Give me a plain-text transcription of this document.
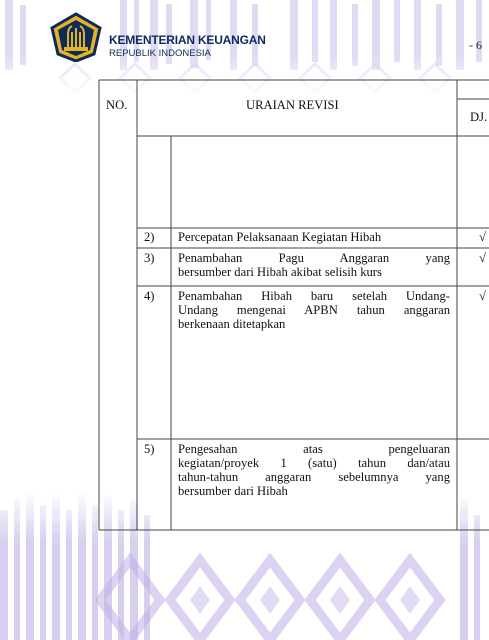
KEMENTERIAN KEUANGAN
REPUBLIK INDONESIA
- 6
NO.	URAIAN REVISI
DJ.
2) Percepatan Pelaksanaan Kegiatan Hibah	√
3) Penambahan Pagu Anggaran yang
bersumber dari Hibah akibat selisih kurs
√
4) Penambahan Hibah baru setelah Undang-
Undang mengenai APBN tahun anggaran
berkenaan ditetapkan
√
5) Pengesahan atas pengeluaran
kegiatan/proyek 1 (satu) tahun dan/atau
tahun-tahun anggaran sebelumnya yang
bersumber dari Hibah
